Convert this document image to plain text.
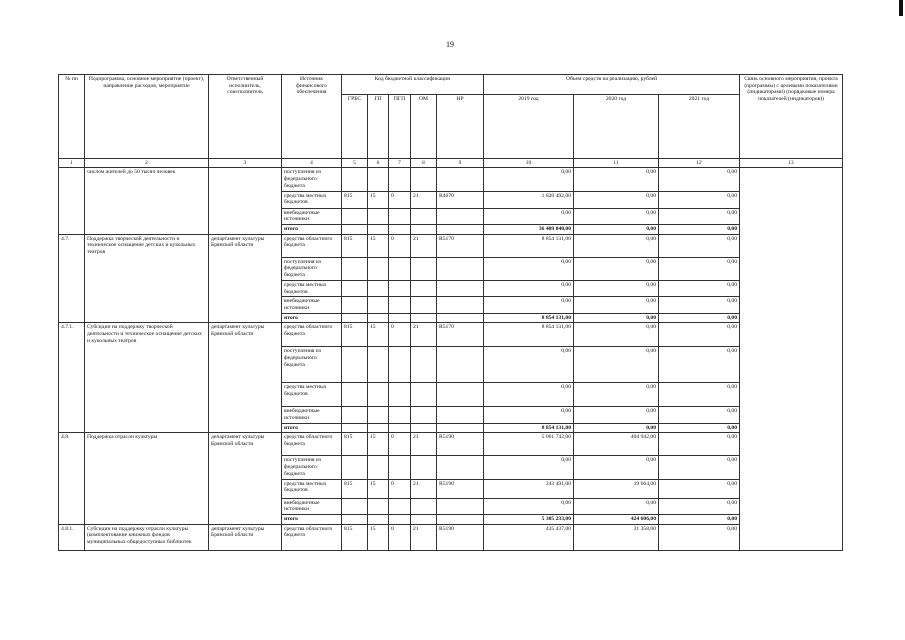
19
№ пп	Подпрограмма, основное мероприятие (проект), направление расходов, мероприятие	Ответственный исполнитель, соисполнитель	Источник финансового обеспечения	Код бюджетной классификации					Объем средств на реализацию, рублей			Связь основного мероприятия, проекта (программы) с целевыми показателями (индикаторами) (порядковые номера показателей (индикаторов))
				ГРБС	ГП	ПГП	ОМ	НР	2019 год	2020 год	2021 год	
1	2	3	4	5	6	7	8	9	10	11	12	13
	числом жителей до 50 тысяч человек		поступления из федерального бюджета						0,00	0,00	0,00	
			средства местных бюджетов	815	15	0	21	R4670	1 820 492,00	0,00	0,00	
			внебюджетные источники						0,00	0,00	0,00	
			итого						36 409 840,00	0,00	0,00	
4.7.	Поддержка творческой деятельности и техническое оснащение детских и кукольных театров	департамент культуры Брянской области	средства областного бюджета	815	15	0	21	R5170	8 854 131,00	0,00	0,00	
			поступления из федерального бюджета						0,00	0,00	0,00	
			средства местных бюджетов						0,00	0,00	0,00	
			внебюджетные источники						0,00	0,00	0,00	
			итого						8 854 131,00	0,00	0,00	
4.7.1.	Субсидии на поддержку творческой деятельности и техническое оснащение детских и кукольных театров	департамент культуры Брянской области	средства областного бюджета	815	15	0	21	R5170	8 854 131,00	0,00	0,00	
			поступления из федерального бюджета						0,00	0,00	0,00	
			средства местных бюджетов						0,00	0,00	0,00	
			внебюджетные источники						0,00	0,00	0,00	
			итого						8 854 131,00	0,00	0,00	
4.8.	Поддержка отрасли культуры	департамент культуры Брянской области	средства областного бюджета	815	15	0	21	R5190	5 061 742,00	404 942,00	0,00	
			поступления из федерального бюджета						0,00	0,00	0,00	
			средства местных бюджетов	815	15	0	21	R5190	243 491,00	19 664,00	0,00	
			внебюджетные источники						0,00	0,00	0,00	
			итого						5 305 233,00	424 606,00	0,00	
4.8.1.	Субсидии на поддержку отрасли культуры (комплектование книжных фондов муниципальных общедоступных библиотек	департамент культуры Брянской области	средства областного бюджета	815	15	0	21	R5190	435 437,00	31 358,00	0,00	
